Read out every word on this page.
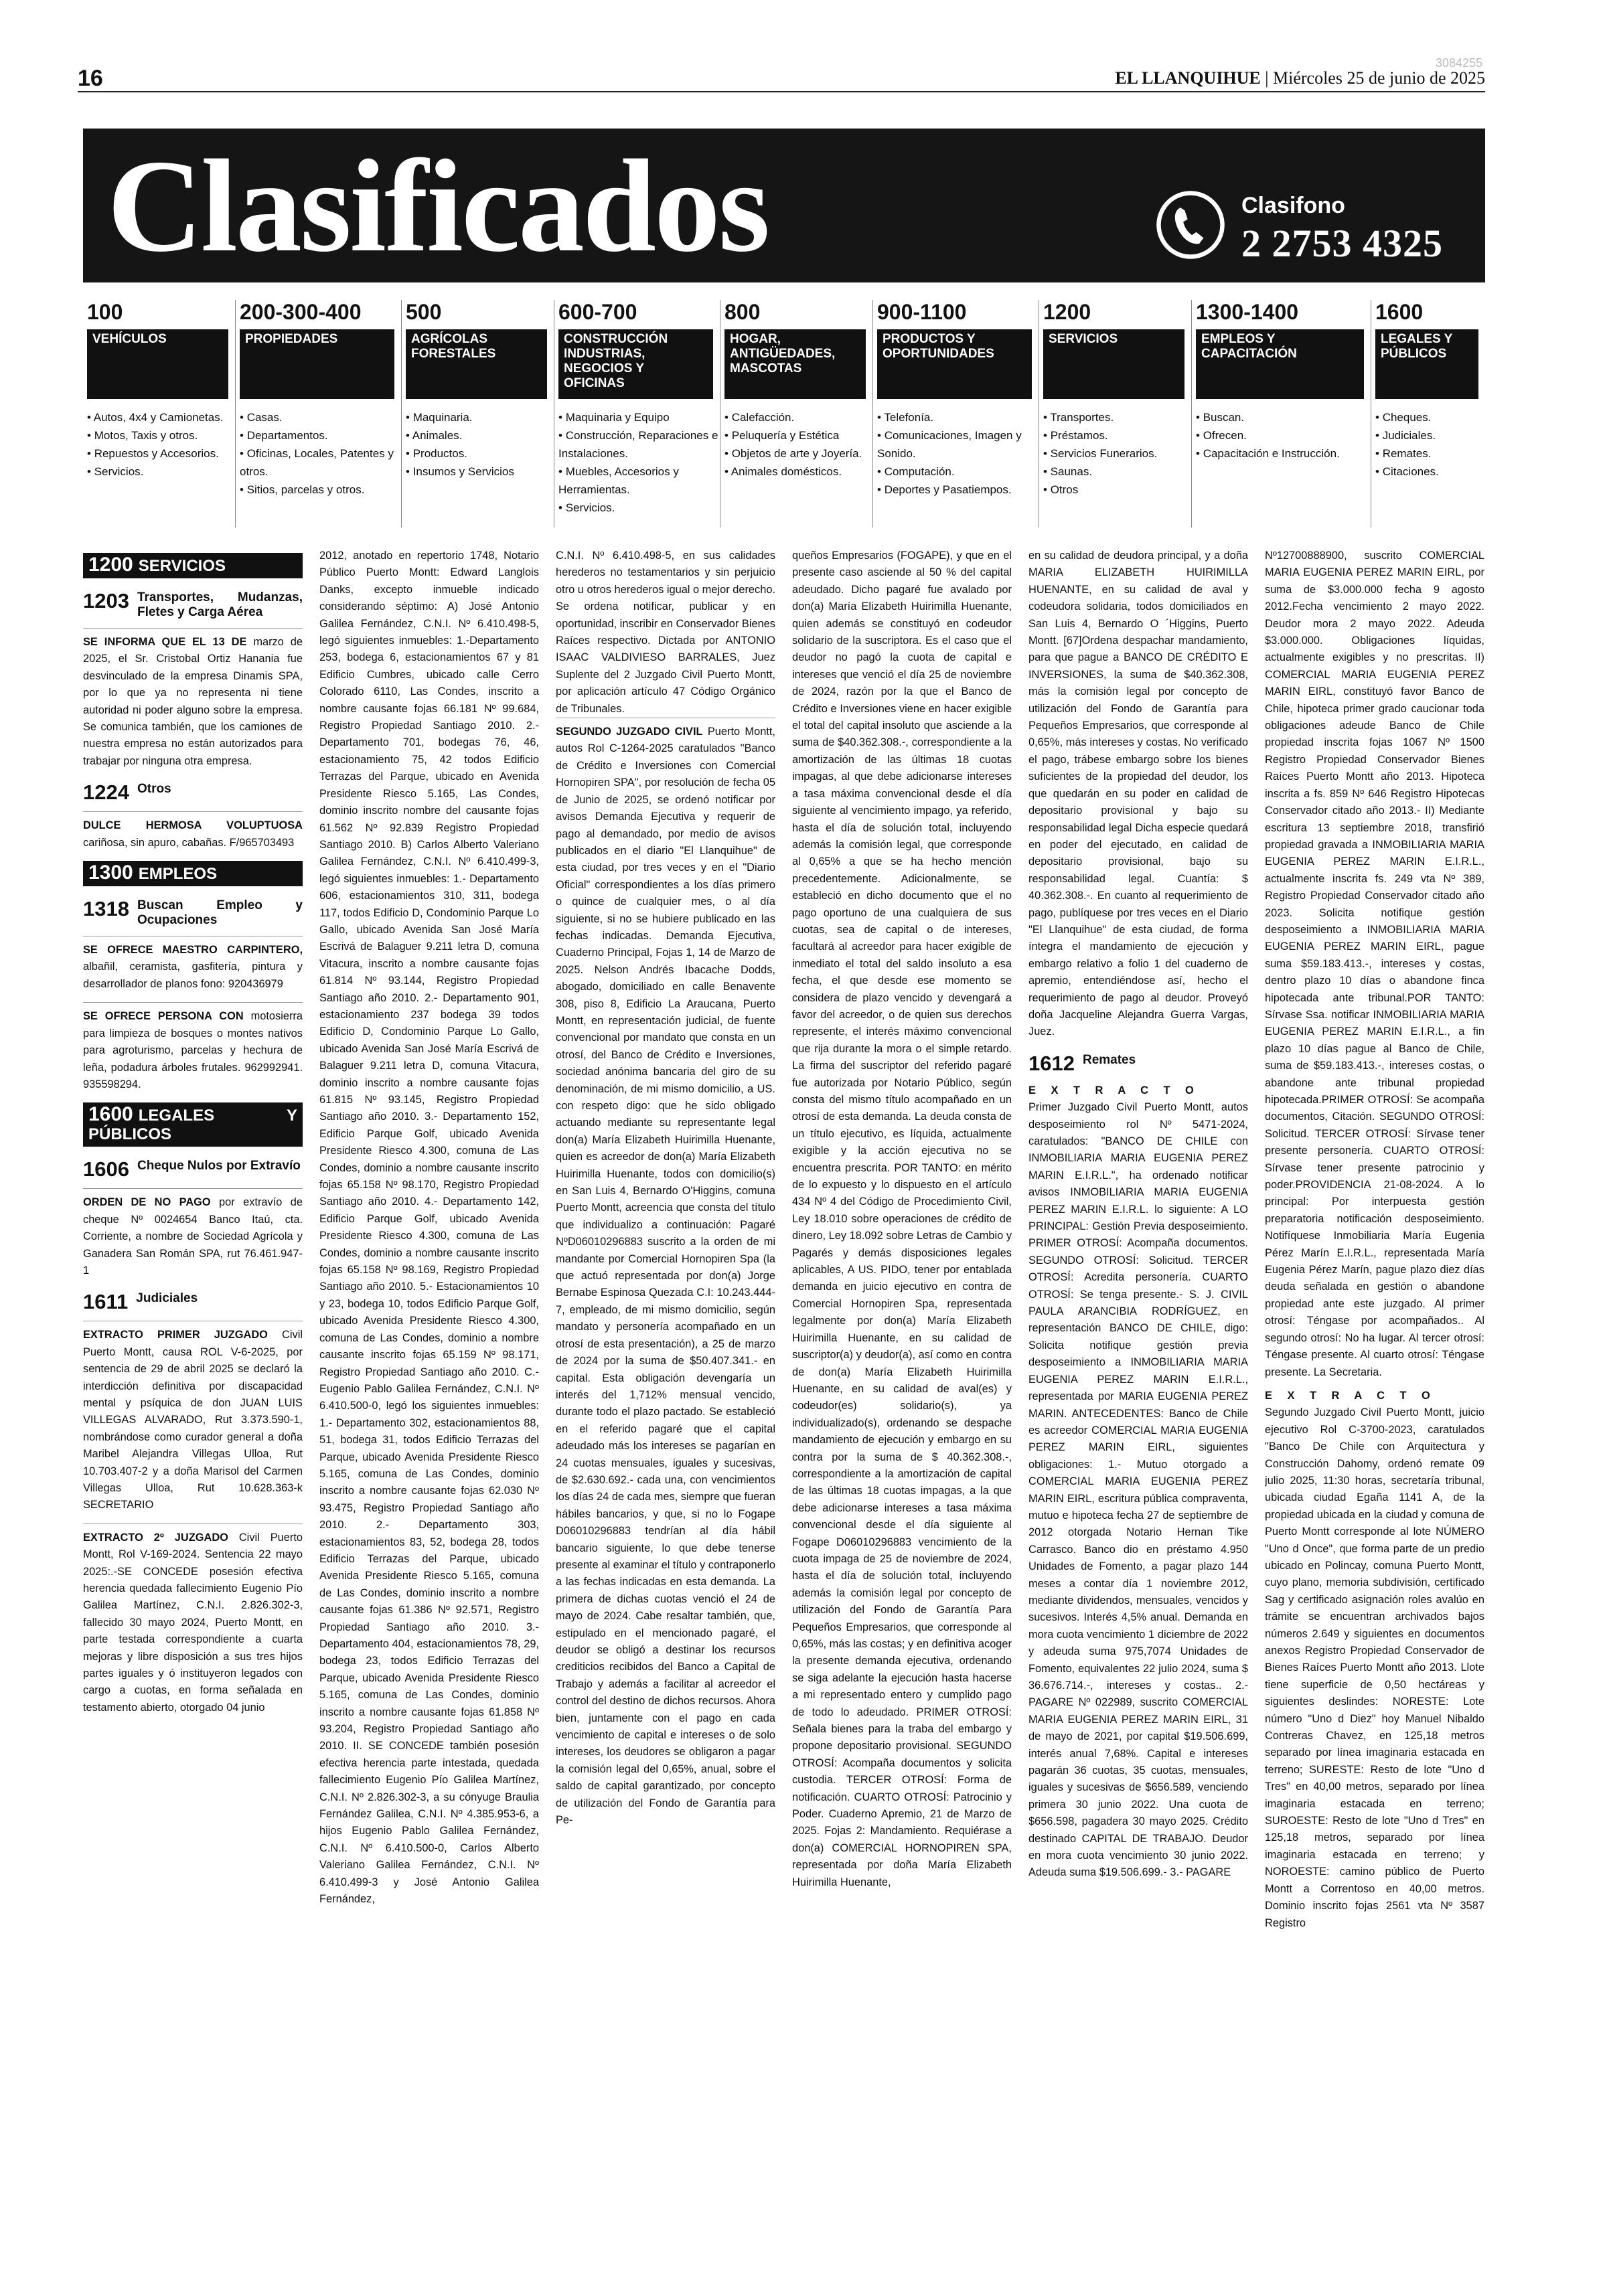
16
3084255
EL LLANQUIHUE | Miércoles 25 de junio de 2025
Clasificados	Clasifono
2 2753 4325
100
VEHÍCULOS
• Autos, 4x4 y Camionetas.
• Motos, Taxis y otros.
• Repuestos y Accesorios.
• Servicios.
200-300-400
PROPIEDADES
• Casas.
• Departamentos.
• Oficinas, Locales, Patentes y otros.
• Sitios, parcelas y otros.
500
AGRÍCOLAS FORESTALES
• Maquinaria.
• Animales.
• Productos.
• Insumos y Servicios
600-700
CONSTRUCCIÓN INDUSTRIAS, NEGOCIOS Y OFICINAS
• Maquinaria y Equipo
• Construcción, Reparaciones e Instalaciones.
• Muebles, Accesorios y Herramientas.
• Servicios.
800
HOGAR, ANTIGÜEDADES, MASCOTAS
• Calefacción.
• Peluquería y Estética
• Objetos de arte y Joyería.
• Animales domésticos.
900-1100
PRODUCTOS Y OPORTUNIDADES
• Telefonía.
• Comunicaciones, Imagen y Sonido.
• Computación.
• Deportes y Pasatiempos.
1200
SERVICIOS
• Transportes.
• Préstamos.
• Servicios Funerarios.
• Saunas.
• Otros
1300-1400
EMPLEOS Y CAPACITACIÓN
• Buscan.
• Ofrecen.
• Capacitación e Instrucción.
1600
LEGALES Y PÚBLICOS
• Cheques.
• Judiciales.
• Remates.
• Citaciones.
1200 SERVICIOS
1203 Transportes, Mudanzas, Fletes y Carga Aérea
SE INFORMA QUE EL 13 DE marzo de 2025, el Sr. Cristobal Ortiz Hanania fue desvinculado de la empresa Dinamis SPA, por lo que ya no representa ni tiene autoridad ni poder alguno sobre la empresa. Se comunica también, que los camiones de nuestra empresa no están autorizados para trabajar por ninguna otra empresa.
1224 Otros
DULCE HERMOSA VOLUPTUOSA cariñosa, sin apuro, cabañas. F/965703493
1300 EMPLEOS
1318 Buscan Empleo y Ocupaciones
SE OFRECE MAESTRO CARPINTERO, albañil, ceramista, gasfitería, pintura y desarrollador de planos fono: 920436979
SE OFRECE PERSONA CON motosierra para limpieza de bosques o montes nativos para agroturismo, parcelas y hechura de leña, podadura árboles frutales. 962992941. 935598294.
1600 LEGALES Y PÚBLICOS
1606 Cheque Nulos por Extravío
ORDEN DE NO PAGO por extravío de cheque Nº 0024654 Banco Itaú, cta. Corriente, a nombre de Sociedad Agrícola y Ganadera San Román SPA, rut 76.461.947-1
1611 Judiciales
EXTRACTO PRIMER JUZGADO Civil Puerto Montt, causa ROL V-6-2025, por sentencia de 29 de abril 2025 se declaró la interdicción definitiva por discapacidad mental y psíquica de don JUAN LUIS VILLEGAS ALVARADO, Rut 3.373.590-1, nombrándose como curador general a doña Maribel Alejandra Villegas Ulloa, Rut 10.703.407-2 y a doña Marisol del Carmen Villegas Ulloa, Rut 10.628.363-k SECRETARIO
EXTRACTO 2º JUZGADO Civil Puerto Montt, Rol V-169-2024. Sentencia 22 mayo 2025:.-SE CONCEDE posesión efectiva herencia quedada fallecimiento Eugenio Pío Galilea Martínez, C.N.I. 2.826.302-3, fallecido 30 mayo 2024, Puerto Montt, en parte testada correspondiente a cuarta mejoras y libre disposición a sus tres hijos partes iguales y ó instituyeron legados con cargo a cuotas, en forma señalada en testamento abierto, otorgado 04 junio

2012, anotado en repertorio 1748, Notario Público Puerto Montt: Edward Langlois Danks, excepto inmueble indicado considerando séptimo: A) José Antonio Galilea Fernández, C.N.I. Nº 6.410.498-5, legó siguientes inmuebles: 1.-Departamento 253, bodega 6, estacionamientos 67 y 81 Edificio Cumbres, ubicado calle Cerro Colorado 6110, Las Condes, inscrito a nombre causante fojas 66.181 Nº 99.684, Registro Propiedad Santiago 2010. 2.- Departamento 701, bodegas 76, 46, estacionamiento 75, 42 todos Edificio Terrazas del Parque, ubicado en Avenida Presidente Riesco 5.165, Las Condes, dominio inscrito nombre del causante fojas 61.562 Nº 92.839 Registro Propiedad Santiago 2010. B) Carlos Alberto Valeriano Galilea Fernández, C.N.I. Nº 6.410.499-3, legó siguientes inmuebles: 1.- Departamento 606, estacionamientos 310, 311, bodega 117, todos Edificio D, Condominio Parque Lo Gallo, ubicado Avenida San José María Escrivá de Balaguer 9.211 letra D, comuna Vitacura, inscrito a nombre causante fojas 61.814 Nº 93.144, Registro Propiedad Santiago año 2010. 2.- Departamento 901, estacionamiento 237 bodega 39 todos Edificio D, Condominio Parque Lo Gallo, ubicado Avenida San José María Escrivá de Balaguer 9.211 letra D, comuna Vitacura, dominio inscrito a nombre causante fojas 61.815 Nº 93.145, Registro Propiedad Santiago año 2010. 3.- Departamento 152, Edificio Parque Golf, ubicado Avenida Presidente Riesco 4.300, comuna de Las Condes, dominio a nombre causante inscrito fojas 65.158 Nº 98.170, Registro Propiedad Santiago año 2010. 4.- Departamento 142, Edificio Parque Golf, ubicado Avenida Presidente Riesco 4.300, comuna de Las Condes, dominio a nombre causante inscrito fojas 65.158 Nº 98.169, Registro Propiedad Santiago año 2010. 5.- Estacionamientos 10 y 23, bodega 10, todos Edificio Parque Golf, ubicado Avenida Presidente Riesco 4.300, comuna de Las Condes, dominio a nombre causante inscrito fojas 65.159 Nº 98.171, Registro Propiedad Santiago año 2010. C.- Eugenio Pablo Galilea Fernández, C.N.I. Nº 6.410.500-0, legó los siguientes inmuebles: 1.- Departamento 302, estacionamientos 88, 51, bodega 31, todos Edificio Terrazas del Parque, ubicado Avenida Presidente Riesco 5.165, comuna de Las Condes, dominio inscrito a nombre causante fojas 62.030 Nº 93.475, Registro Propiedad Santiago año 2010. 2.- Departamento 303, estacionamientos 83, 52, bodega 28, todos Edificio Terrazas del Parque, ubicado Avenida Presidente Riesco 5.165, comuna de Las Condes, dominio inscrito a nombre causante fojas 61.386 Nº 92.571, Registro Propiedad Santiago año 2010. 3.- Departamento 404, estacionamientos 78, 29, bodega 23, todos Edificio Terrazas del Parque, ubicado Avenida Presidente Riesco 5.165, comuna de Las Condes, dominio inscrito a nombre causante fojas 61.858 Nº 93.204, Registro Propiedad Santiago año 2010. II. SE CONCEDE también posesión efectiva herencia parte intestada, quedada fallecimiento Eugenio Pío Galilea Martínez, C.N.I. Nº 2.826.302-3, a su cónyuge Braulia Fernández Galilea, C.N.I. Nº 4.385.953-6, a hijos Eugenio Pablo Galilea Fernández, C.N.I. Nº 6.410.500-0, Carlos Alberto Valeriano Galilea Fernández, C.N.I. Nº 6.410.499-3 y José Antonio Galilea Fernández,

C.N.I. Nº 6.410.498-5, en sus calidades herederos no testamentarios y sin perjuicio otro u otros herederos igual o mejor derecho. Se ordena notificar, publicar y en oportunidad, inscribir en Conservador Bienes Raíces respectivo. Dictada por ANTONIO ISAAC VALDIVIESO BARRALES, Juez Suplente del 2 Juzgado Civil Puerto Montt, por aplicación artículo 47 Código Orgánico de Tribunales.

SEGUNDO JUZGADO CIVIL Puerto Montt, autos Rol C-1264-2025 caratulados "Banco de Crédito e Inversiones con Comercial Hornopiren SPA", por resolución de fecha 05 de Junio de 2025, se ordenó notificar por avisos Demanda Ejecutiva y requerir de pago al demandado, por medio de avisos publicados en el diario "El Llanquihue" de esta ciudad, por tres veces y en el "Diario Oficial" correspondientes a los días primero o quince de cualquier mes, o al día siguiente, si no se hubiere publicado en las fechas indicadas. Demanda Ejecutiva, Cuaderno Principal, Fojas 1, 14 de Marzo de 2025. Nelson Andrés Ibacache Dodds, abogado, domiciliado en calle Benavente 308, piso 8, Edificio La Araucana, Puerto Montt, en representación judicial, de fuente convencional por mandato que consta en un otrosí, del Banco de Crédito e Inversiones, sociedad anónima bancaria del giro de su denominación, de mi mismo domicilio, a US. con respeto digo: que he sido obligado actuando mediante su representante legal don(a) María Elizabeth Huirimilla Huenante, quien es acreedor de don(a) María Elizabeth Huirimilla Huenante, todos con domicilio(s) en San Luis 4, Bernardo O'Higgins, comuna Puerto Montt, acreencia que consta del título que individualizo a continuación: Pagaré NºD06010296883 suscrito a la orden de mi mandante por Comercial Hornopiren Spa (la que actuó representada por don(a) Jorge Bernabe Espinosa Quezada C.I: 10.243.444-7, empleado, de mi mismo domicilio, según mandato y personería acompañado en un otrosí de esta presentación), a 25 de marzo de 2024 por la suma de $50.407.341.- en capital. Esta obligación devengaría un interés del 1,712% mensual vencido, durante todo el plazo pactado. Se estableció en el referido pagaré que el capital adeudado más los intereses se pagarían en 24 cuotas mensuales, iguales y sucesivas, de $2.630.692.- cada una, con vencimientos los días 24 de cada mes, siempre que fueran hábiles bancarios, y que, si no lo Fogape D06010296883 tendrían al día hábil bancario siguiente, lo que debe tenerse presente al examinar el título y contraponerlo a las fechas indicadas en esta demanda. La primera de dichas cuotas venció el 24 de mayo de 2024. Cabe resaltar también, que, estipulado en el mencionado pagaré, el deudor se obligó a destinar los recursos crediticios recibidos del Banco a Capital de Trabajo y además a facilitar al acreedor el control del destino de dichos recursos. Ahora bien, juntamente con el pago en cada vencimiento de capital e intereses o de solo intereses, los deudores se obligaron a pagar la comisión legal del 0,65%, anual, sobre el saldo de capital garantizado, por concepto de utilización del Fondo de Garantía para Pe-

queños Empresarios (FOGAPE), y que en el presente caso asciende al 50 % del capital adeudado. Dicho pagaré fue avalado por don(a) María Elizabeth Huirimilla Huenante, quien además se constituyó en codeudor solidario de la suscriptora. Es el caso que el deudor no pagó la cuota de capital e intereses que venció el día 25 de noviembre de 2024, razón por la que el Banco de Crédito e Inversiones viene en hacer exigible el total del capital insoluto que asciende a la suma de $40.362.308.-, correspondiente a la amortización de las últimas 18 cuotas impagas, al que debe adicionarse intereses a tasa máxima convencional desde el día siguiente al vencimiento impago, ya referido, hasta el día de solución total, incluyendo además la comisión legal, que corresponde al 0,65% a que se ha hecho mención precedentemente. Adicionalmente, se estableció en dicho documento que el no pago oportuno de una cualquiera de sus cuotas, sea de capital o de intereses, facultará al acreedor para hacer exigible de inmediato el total del saldo insoluto a esa fecha, el que desde ese momento se considera de plazo vencido y devengará a favor del acreedor, o de quien sus derechos represente, el interés máximo convencional que rija durante la mora o el simple retardo. La firma del suscriptor del referido pagaré fue autorizada por Notario Público, según consta del mismo título acompañado en un otrosí de esta demanda. La deuda consta de un título ejecutivo, es líquida, actualmente exigible y la acción ejecutiva no se encuentra prescrita. POR TANTO: en mérito de lo expuesto y lo dispuesto en el artículo 434 Nº 4 del Código de Procedimiento Civil, Ley 18.010 sobre operaciones de crédito de dinero, Ley 18.092 sobre Letras de Cambio y Pagarés y demás disposiciones legales aplicables, A US. PIDO, tener por entablada demanda en juicio ejecutivo en contra de Comercial Hornopiren Spa, representada legalmente por don(a) María Elizabeth Huirimilla Huenante, en su calidad de suscriptor(a) y deudor(a), así como en contra de don(a) María Elizabeth Huirimilla Huenante, en su calidad de aval(es) y codeudor(es) solidario(s), ya individualizado(s), ordenando se despache mandamiento de ejecución y embargo en su contra por la suma de $ 40.362.308.-, correspondiente a la amortización de capital de las últimas 18 cuotas impagas, a la que debe adicionarse intereses a tasa máxima convencional desde el día siguiente al Fogape D06010296883 vencimiento de la cuota impaga de 25 de noviembre de 2024, hasta el día de solución total, incluyendo además la comisión legal por concepto de utilización del Fondo de Garantía Para Pequeños Empresarios, que corresponde al 0,65%, más las costas; y en definitiva acoger la presente demanda ejecutiva, ordenando se siga adelante la ejecución hasta hacerse a mi representado entero y cumplido pago de todo lo adeudado. PRIMER OTROSÍ: Señala bienes para la traba del embargo y propone depositario provisional. SEGUNDO OTROSÍ: Acompaña documentos y solicita custodia. TERCER OTROSÍ: Forma de notificación. CUARTO OTROSÍ: Patrocinio y Poder. Cuaderno Apremio, 21 de Marzo de 2025. Fojas 2: Mandamiento. Requiérase a don(a) COMERCIAL HORNOPIREN SPA, representada por doña María Elizabeth Huirimilla Huenante,

en su calidad de deudora principal, y a doña MARIA ELIZABETH HUIRIMILLA HUENANTE, en su calidad de aval y codeudora solidaria, todos domiciliados en San Luis 4, Bernardo O ´Higgins, Puerto Montt. [67]Ordena despachar mandamiento, para que pague a BANCO DE CRÉDITO E INVERSIONES, la suma de $40.362.308, más la comisión legal por concepto de utilización del Fondo de Garantía para Pequeños Empresarios, que corresponde al 0,65%, más intereses y costas. No verificado el pago, trábese embargo sobre los bienes suficientes de la propiedad del deudor, los que quedarán en su poder en calidad de depositario provisional y bajo su responsabilidad legal Dicha especie quedará en poder del ejecutado, en calidad de depositario provisional, bajo su responsabilidad legal. Cuantía: $ 40.362.308.-. En cuanto al requerimiento de pago, publíquese por tres veces en el Diario "El Llanquihue" de esta ciudad, de forma íntegra el mandamiento de ejecución y embargo relativo a folio 1 del cuaderno de apremio, entendiéndose así, hecho el requerimiento de pago al deudor. Proveyó doña Jacqueline Alejandra Guerra Vargas, Juez.

1612 Remates
E X T R A C T O

Primer Juzgado Civil Puerto Montt, autos desposeimiento rol Nº 5471-2024, caratulados: "BANCO DE CHILE con INMOBILIARIA MARIA EUGENIA PEREZ MARIN E.I.R.L.", ha ordenado notificar avisos INMOBILIARIA MARIA EUGENIA PEREZ MARIN E.I.R.L. lo siguiente: A LO PRINCIPAL: Gestión Previa desposeimiento. PRIMER OTROSÍ: Acompaña documentos. SEGUNDO OTROSÍ: Solicitud. TERCER OTROSÍ: Acredita personería. CUARTO OTROSÍ: Se tenga presente.- S. J. CIVIL PAULA ARANCIBIA RODRÍGUEZ, en representación BANCO DE CHILE, digo: Solicita notifique gestión previa desposeimiento a INMOBILIARIA MARIA EUGENIA PEREZ MARIN E.I.R.L., representada por MARIA EUGENIA PEREZ MARIN. ANTECEDENTES: Banco de Chile es acreedor COMERCIAL MARIA EUGENIA PEREZ MARIN EIRL, siguientes obligaciones: 1.- Mutuo otorgado a COMERCIAL MARIA EUGENIA PEREZ MARIN EIRL, escritura pública compraventa, mutuo e hipoteca fecha 27 de septiembre de 2012 otorgada Notario Hernan Tike Carrasco. Banco dio en préstamo 4.950 Unidades de Fomento, a pagar plazo 144 meses a contar día 1 noviembre 2012, mediante dividendos, mensuales, vencidos y sucesivos. Interés 4,5% anual. Demanda en mora cuota vencimiento 1 diciembre de 2022 y adeuda suma 975,7074 Unidades de Fomento, equivalentes 22 julio 2024, suma $ 36.676.714.-, intereses y costas.. 2.- PAGARE Nº 022989, suscrito COMERCIAL MARIA EUGENIA PEREZ MARIN EIRL, 31 de mayo de 2021, por capital $19.506.699, interés anual 7,68%. Capital e intereses pagarán 36 cuotas, 35 cuotas, mensuales, iguales y sucesivas de $656.589, venciendo primera 30 junio 2022. Una cuota de $656.598, pagadera 30 mayo 2025. Crédito destinado CAPITAL DE TRABAJO. Deudor en mora cuota vencimiento 30 junio 2022. Adeuda suma $19.506.699.- 3.- PAGARE

Nº12700888900, suscrito COMERCIAL MARIA EUGENIA PEREZ MARIN EIRL, por suma de $3.000.000 fecha 9 agosto 2012.Fecha vencimiento 2 mayo 2022. Deudor mora 2 mayo 2022. Adeuda $3.000.000. Obligaciones líquidas, actualmente exigibles y no prescritas. II) COMERCIAL MARIA EUGENIA PEREZ MARIN EIRL, constituyó favor Banco de Chile, hipoteca primer grado caucionar toda obligaciones adeude Banco de Chile propiedad inscrita fojas 1067 Nº 1500 Registro Propiedad Conservador Bienes Raíces Puerto Montt año 2013. Hipoteca inscrita a fs. 859 Nº 646 Registro Hipotecas Conservador citado año 2013.- II) Mediante escritura 13 septiembre 2018, transfirió propiedad gravada a INMOBILIARIA MARIA EUGENIA PEREZ MARIN E.I.R.L., actualmente inscrita fs. 249 vta Nº 389, Registro Propiedad Conservador citado año 2023. Solicita notifique gestión desposeimiento a INMOBILIARIA MARIA EUGENIA PEREZ MARIN EIRL, pague suma $59.183.413.-, intereses y costas, dentro plazo 10 días o abandone finca hipotecada ante tribunal.POR TANTO: Sírvase Ssa. notificar INMOBILIARIA MARIA EUGENIA PEREZ MARIN E.I.R.L., a fin plazo 10 días pague al Banco de Chile, suma de $59.183.413.-, intereses costas, o abandone ante tribunal propiedad hipotecada.PRIMER OTROSÍ: Se acompaña documentos, Citación. SEGUNDO OTROSÍ: Solicitud. TERCER OTROSÍ: Sírvase tener presente personería. CUARTO OTROSÍ: Sírvase tener presente patrocinio y poder.PROVIDENCIA 21-08-2024. A lo principal: Por interpuesta gestión preparatoria notificación desposeimiento. Notifíquese Inmobiliaria María Eugenia Pérez Marín E.I.R.L., representada María Eugenia Pérez Marín, pague plazo diez días deuda señalada en gestión o abandone propiedad ante este juzgado. Al primer otrosí: Téngase por acompañados.. Al segundo otrosí: No ha lugar. Al tercer otrosí: Téngase presente. Al cuarto otrosí: Téngase presente. La Secretaria.

E X T R A C T O

Segundo Juzgado Civil Puerto Montt, juicio ejecutivo Rol C-3700-2023, caratulados "Banco De Chile con Arquitectura y Construcción Dahomy, ordenó remate 09 julio 2025, 11:30 horas, secretaría tribunal, ubicada ciudad Egaña 1141 A, de la propiedad ubicada en la ciudad y comuna de Puerto Montt corresponde al lote NÚMERO "Uno d Once", que forma parte de un predio ubicado en Polincay, comuna Puerto Montt, cuyo plano, memoria subdivisión, certificado Sag y certificado asignación roles avalúo en trámite se encuentran archivados bajos números 2.649 y siguientes en documentos anexos Registro Propiedad Conservador de Bienes Raíces Puerto Montt año 2013. Llote tiene superficie de 0,50 hectáreas y siguientes deslindes: NORESTE: Lote número "Uno d Diez" hoy Manuel Nibaldo Contreras Chavez, en 125,18 metros separado por línea imaginaria estacada en terreno; SURESTE: Resto de lote "Uno d Tres" en 40,00 metros, separado por línea imaginaria estacada en terreno; SUROESTE: Resto de lote "Uno d Tres" en 125,18 metros, separado por línea imaginaria estacada en terreno; y NOROESTE: camino público de Puerto Montt a Correntoso en 40,00 metros. Dominio inscrito fojas 2561 vta Nº 3587 Registro
